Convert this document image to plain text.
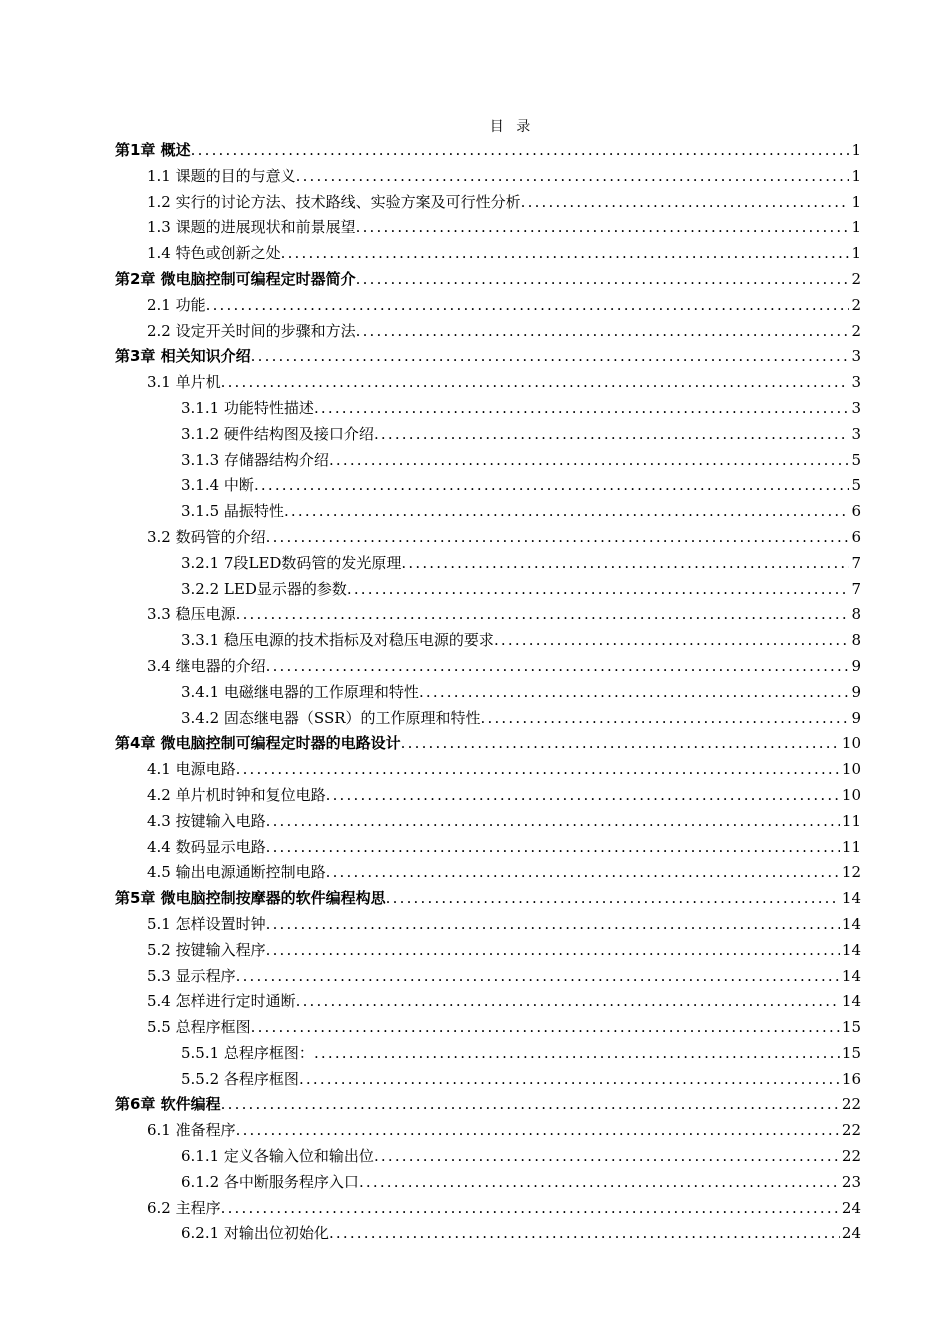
目 录
第1章 概述 .....	1
1.1 课题的目的与意义 .....	1
1.2 实行的讨论方法、技术路线、实验方案及可行性分析 .....	1
1.3 课题的进展现状和前景展望 .....	1
1.4 特色或创新之处 .....	1
第2章 微电脑控制可编程定时器简介 .....	2
2.1 功能 .....	2
2.2 设定开关时间的步骤和方法 .....	2
第3章 相关知识介绍 .....	3
3.1 单片机 .....	3
3.1.1 功能特性描述 .....	3
3.1.2 硬件结构图及接口介绍 .....	3
3.1.3 存储器结构介绍 .....	5
3.1.4 中断 .....	5
3.1.5 晶振特性 .....	6
3.2 数码管的介绍 .....	6
3.2.1 7段LED数码管的发光原理 .....	7
3.2.2 LED显示器的参数 .....	7
3.3 稳压电源 .....	8
3.3.1 稳压电源的技术指标及对稳压电源的要求 .....	8
3.4 继电器的介绍 .....	9
3.4.1 电磁继电器的工作原理和特性 .....	9
3.4.2 固态继电器（SSR）的工作原理和特性 .....	9
第4章 微电脑控制可编程定时器的电路设计 .....	10
4.1 电源电路 .....	10
4.2 单片机时钟和复位电路 .....	10
4.3 按键输入电路 .....	11
4.4 数码显示电路 .....	11
4.5 输出电源通断控制电路 .....	12
第5章 微电脑控制按摩器的软件编程构思 .....	14
5.1 怎样设置时钟 .....	14
5.2 按键输入程序 .....	14
5.3 显示程序 .....	14
5.4 怎样进行定时通断 .....	14
5.5 总程序框图 .....	15
5.5.1 总程序框图： .....	15
5.5.2 各程序框图 .....	16
第6章 软件编程 .....	22
6.1 准备程序 .....	22
6.1.1 定义各输入位和输出位 .....	22
6.1.2 各中断服务程序入口 .....	23
6.2 主程序 .....	24
6.2.1 对输出位初始化 .....	24
